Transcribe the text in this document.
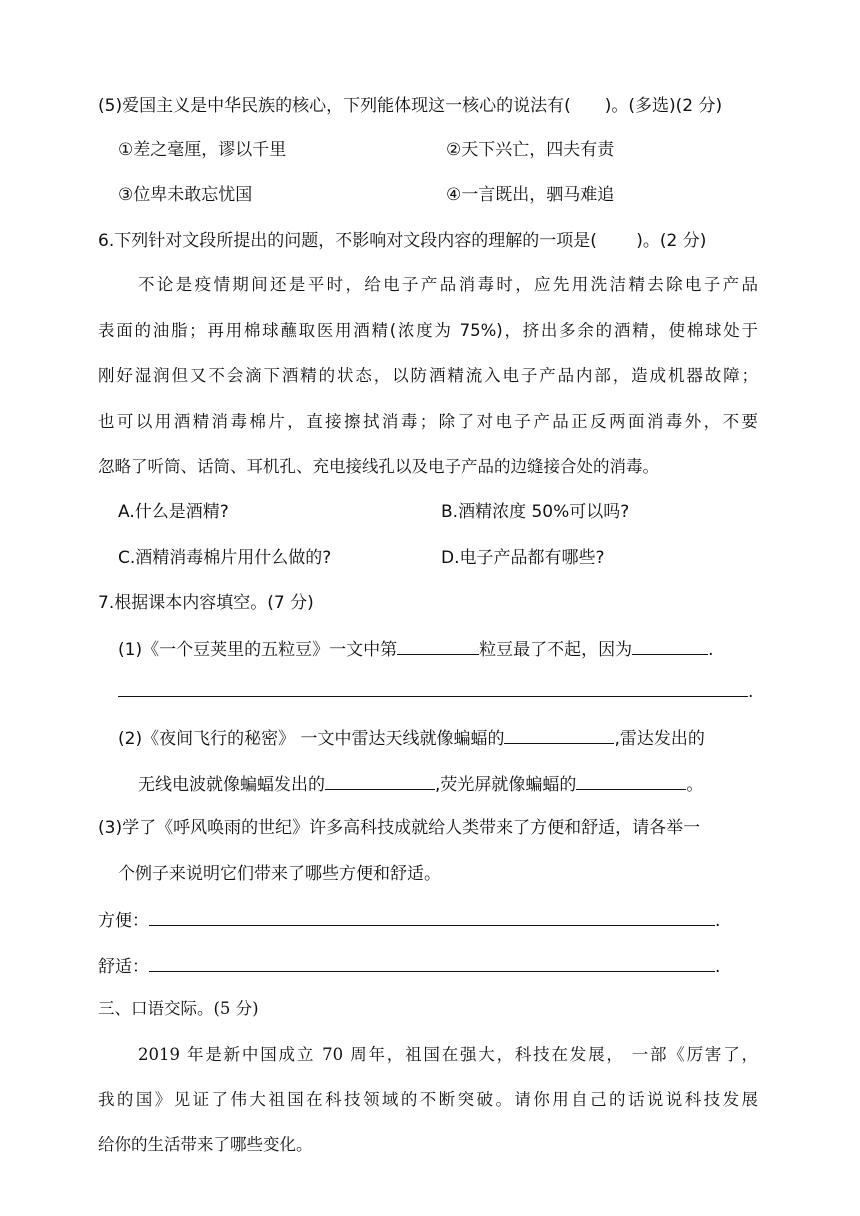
(5)爱国主义是中华民族的核心，下列能体现这一核心的说法有(　　)。(多选)(2 分)
①差之毫厘，谬以千里	②天下兴亡，四夫有责
③位卑未敢忘忧国	④一言既出，驷马难追
6.下列针对文段所提出的问题，不影响对文段内容的理解的一项是(　　 )。(2 分)
不论是疫情期间还是平时，给电子产品消毒时，应先用洗洁精去除电子产品
表面的油脂；再用棉球蘸取医用酒精(浓度为 75%)，挤出多余的酒精，使棉球处于
刚好湿润但又不会滴下酒精的状态，以防酒精流入电子产品内部，造成机器故障；
也可以用酒精消毒棉片，直接擦拭消毒；除了对电子产品正反两面消毒外，不要
忽略了听筒、话筒、耳机孔、充电接线孔以及电子产品的边缝接合处的消毒。
A.什么是酒精?	B.酒精浓度 50%可以吗?
C.酒精消毒棉片用什么做的?	D.电子产品都有哪些?
7.根据课本内容填空。(7 分)
(1)《一个豆荚里的五粒豆》一文中第	粒豆最了不起，因为	.
.
(2)《夜间飞行的秘密》 一文中雷达天线就像蝙蝠的	,雷达发出的
无线电波就像蝙蝠发出的	,荧光屏就像蝙蝠的	。
(3)学了《呼风唤雨的世纪》许多高科技成就给人类带来了方便和舒适，请各举一
个例子来说明它们带来了哪些方便和舒适。
方便：	.
舒适：	.
三、口语交际。(5 分)
2019 年是新中国成立 70 周年，祖国在强大，科技在发展， 一部《厉害了，
我的国》见证了伟大祖国在科技领域的不断突破。请你用自己的话说说科技发展
给你的生活带来了哪些变化。
